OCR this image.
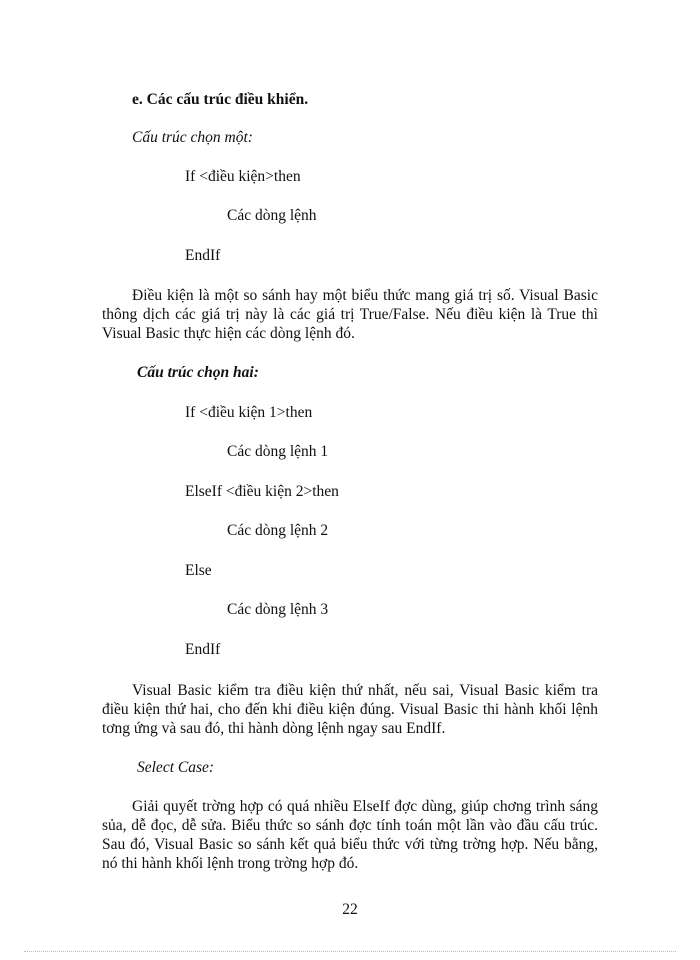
e. Các cấu trúc điều khiển.
Cấu trúc chọn một:
If <điều kiện>then
Các dòng lệnh
EndIf

Điều kiện là một so sánh hay một biểu thức mang giá trị số. Visual Basic thông dịch các giá trị này là các giá trị True/False. Nếu điều kiện là True thì Visual Basic thực hiện các dòng lệnh đó.

Cấu trúc chọn hai:
If <điều kiện 1>then
Các dòng lệnh 1
ElseIf <điều kiện 2>then
Các dòng lệnh 2
Else
Các dòng lệnh 3
EndIf

Visual Basic kiểm tra điều kiện thứ nhất, nếu sai, Visual Basic kiểm tra điều kiện thứ hai, cho đến khi điều kiện đúng. Visual Basic thi hành khối lệnh tơng ứng và sau đó, thi hành dòng lệnh ngay sau EndIf.

Select Case:

Giải quyết trờng hợp có quá nhiều ElseIf đợc dùng, giúp chơng trình sáng sủa, dễ đọc, dễ sửa. Biểu thức so sánh đợc tính toán một lần vào đầu cấu trúc. Sau đó, Visual Basic so sánh kết quả biểu thức với từng trờng hợp. Nếu bằng, nó thi hành khối lệnh trong trờng hợp đó.

22
